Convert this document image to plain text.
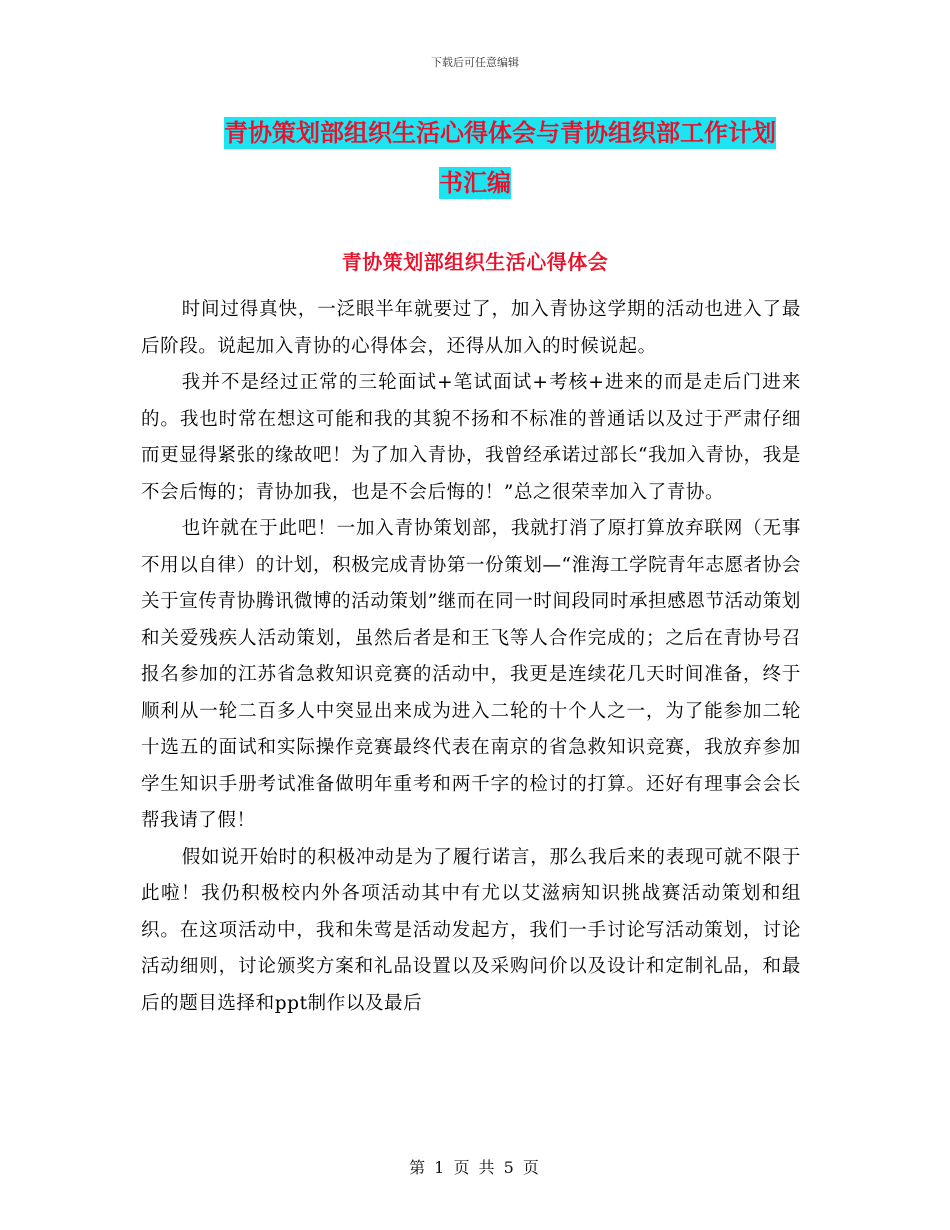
下载后可任意编辑
青协策划部组织生活心得体会与青协组织部工作计划
书汇编
青协策划部组织生活心得体会

时间过得真快，一泛眼半年就要过了，加入青协这学期的活动也进入了最后阶段。说起加入青协的心得体会，还得从加入的时候说起。

我并不是经过正常的三轮面试+笔试面试+考核+进来的而是走后门进来的。我也时常在想这可能和我的其貌不扬和不标准的普通话以及过于严肃仔细而更显得紧张的缘故吧！为了加入青协，我曾经承诺过部长“我加入青协，我是不会后悔的；青协加我，也是不会后悔的！”总之很荣幸加入了青协。

也许就在于此吧！一加入青协策划部，我就打消了原打算放弃联网（无事不用以自律）的计划，积极完成青协第一份策划—“淮海工学院青年志愿者协会关于宣传青协腾讯微博的活动策划”继而在同一时间段同时承担感恩节活动策划和关爱残疾人活动策划，虽然后者是和王飞等人合作完成的；之后在青协号召报名参加的江苏省急救知识竞赛的活动中，我更是连续花几天时间准备，终于顺利从一轮二百多人中突显出来成为进入二轮的十个人之一，为了能参加二轮十选五的面试和实际操作竞赛最终代表在南京的省急救知识竞赛，我放弃参加学生知识手册考试准备做明年重考和两千字的检讨的打算。还好有理事会会长帮我请了假！

假如说开始时的积极冲动是为了履行诺言，那么我后来的表现可就不限于此啦！我仍积极校内外各项活动其中有尤以艾滋病知识挑战赛活动策划和组织。在这项活动中，我和朱莺是活动发起方，我们一手讨论写活动策划，讨论活动细则，讨论颁奖方案和礼品设置以及采购问价以及设计和定制礼品，和最后的题目选择和ppt制作以及最后

第 1 页 共 5 页
